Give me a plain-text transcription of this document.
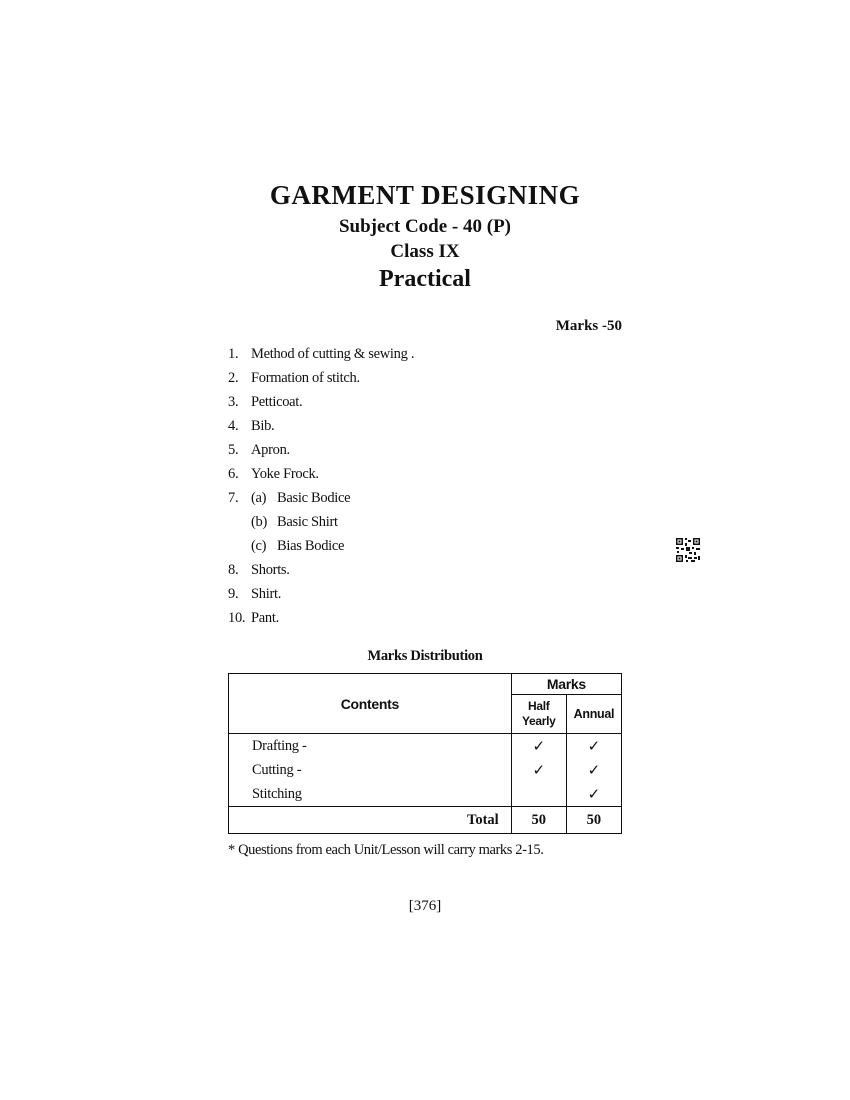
GARMENT DESIGNING
Subject Code - 40 (P)
Class IX
Practical
Marks -50
1. Method of cutting & sewing .
2. Formation of stitch.
3. Petticoat.
4. Bib.
5. Apron.
6. Yoke Frock.
7. (a) Basic Bodice
(b) Basic Shirt
(c) Bias Bodice
8. Shorts.
9. Shirt.
10. Pant.
Marks Distribution
Contents	Marks	
	Half Yearly	Annual
Drafting -	✓	✓
Cutting -	✓	✓
Stitching		✓
Total	50	50
* Questions from each Unit/Lesson will carry marks 2-15.
[376]
